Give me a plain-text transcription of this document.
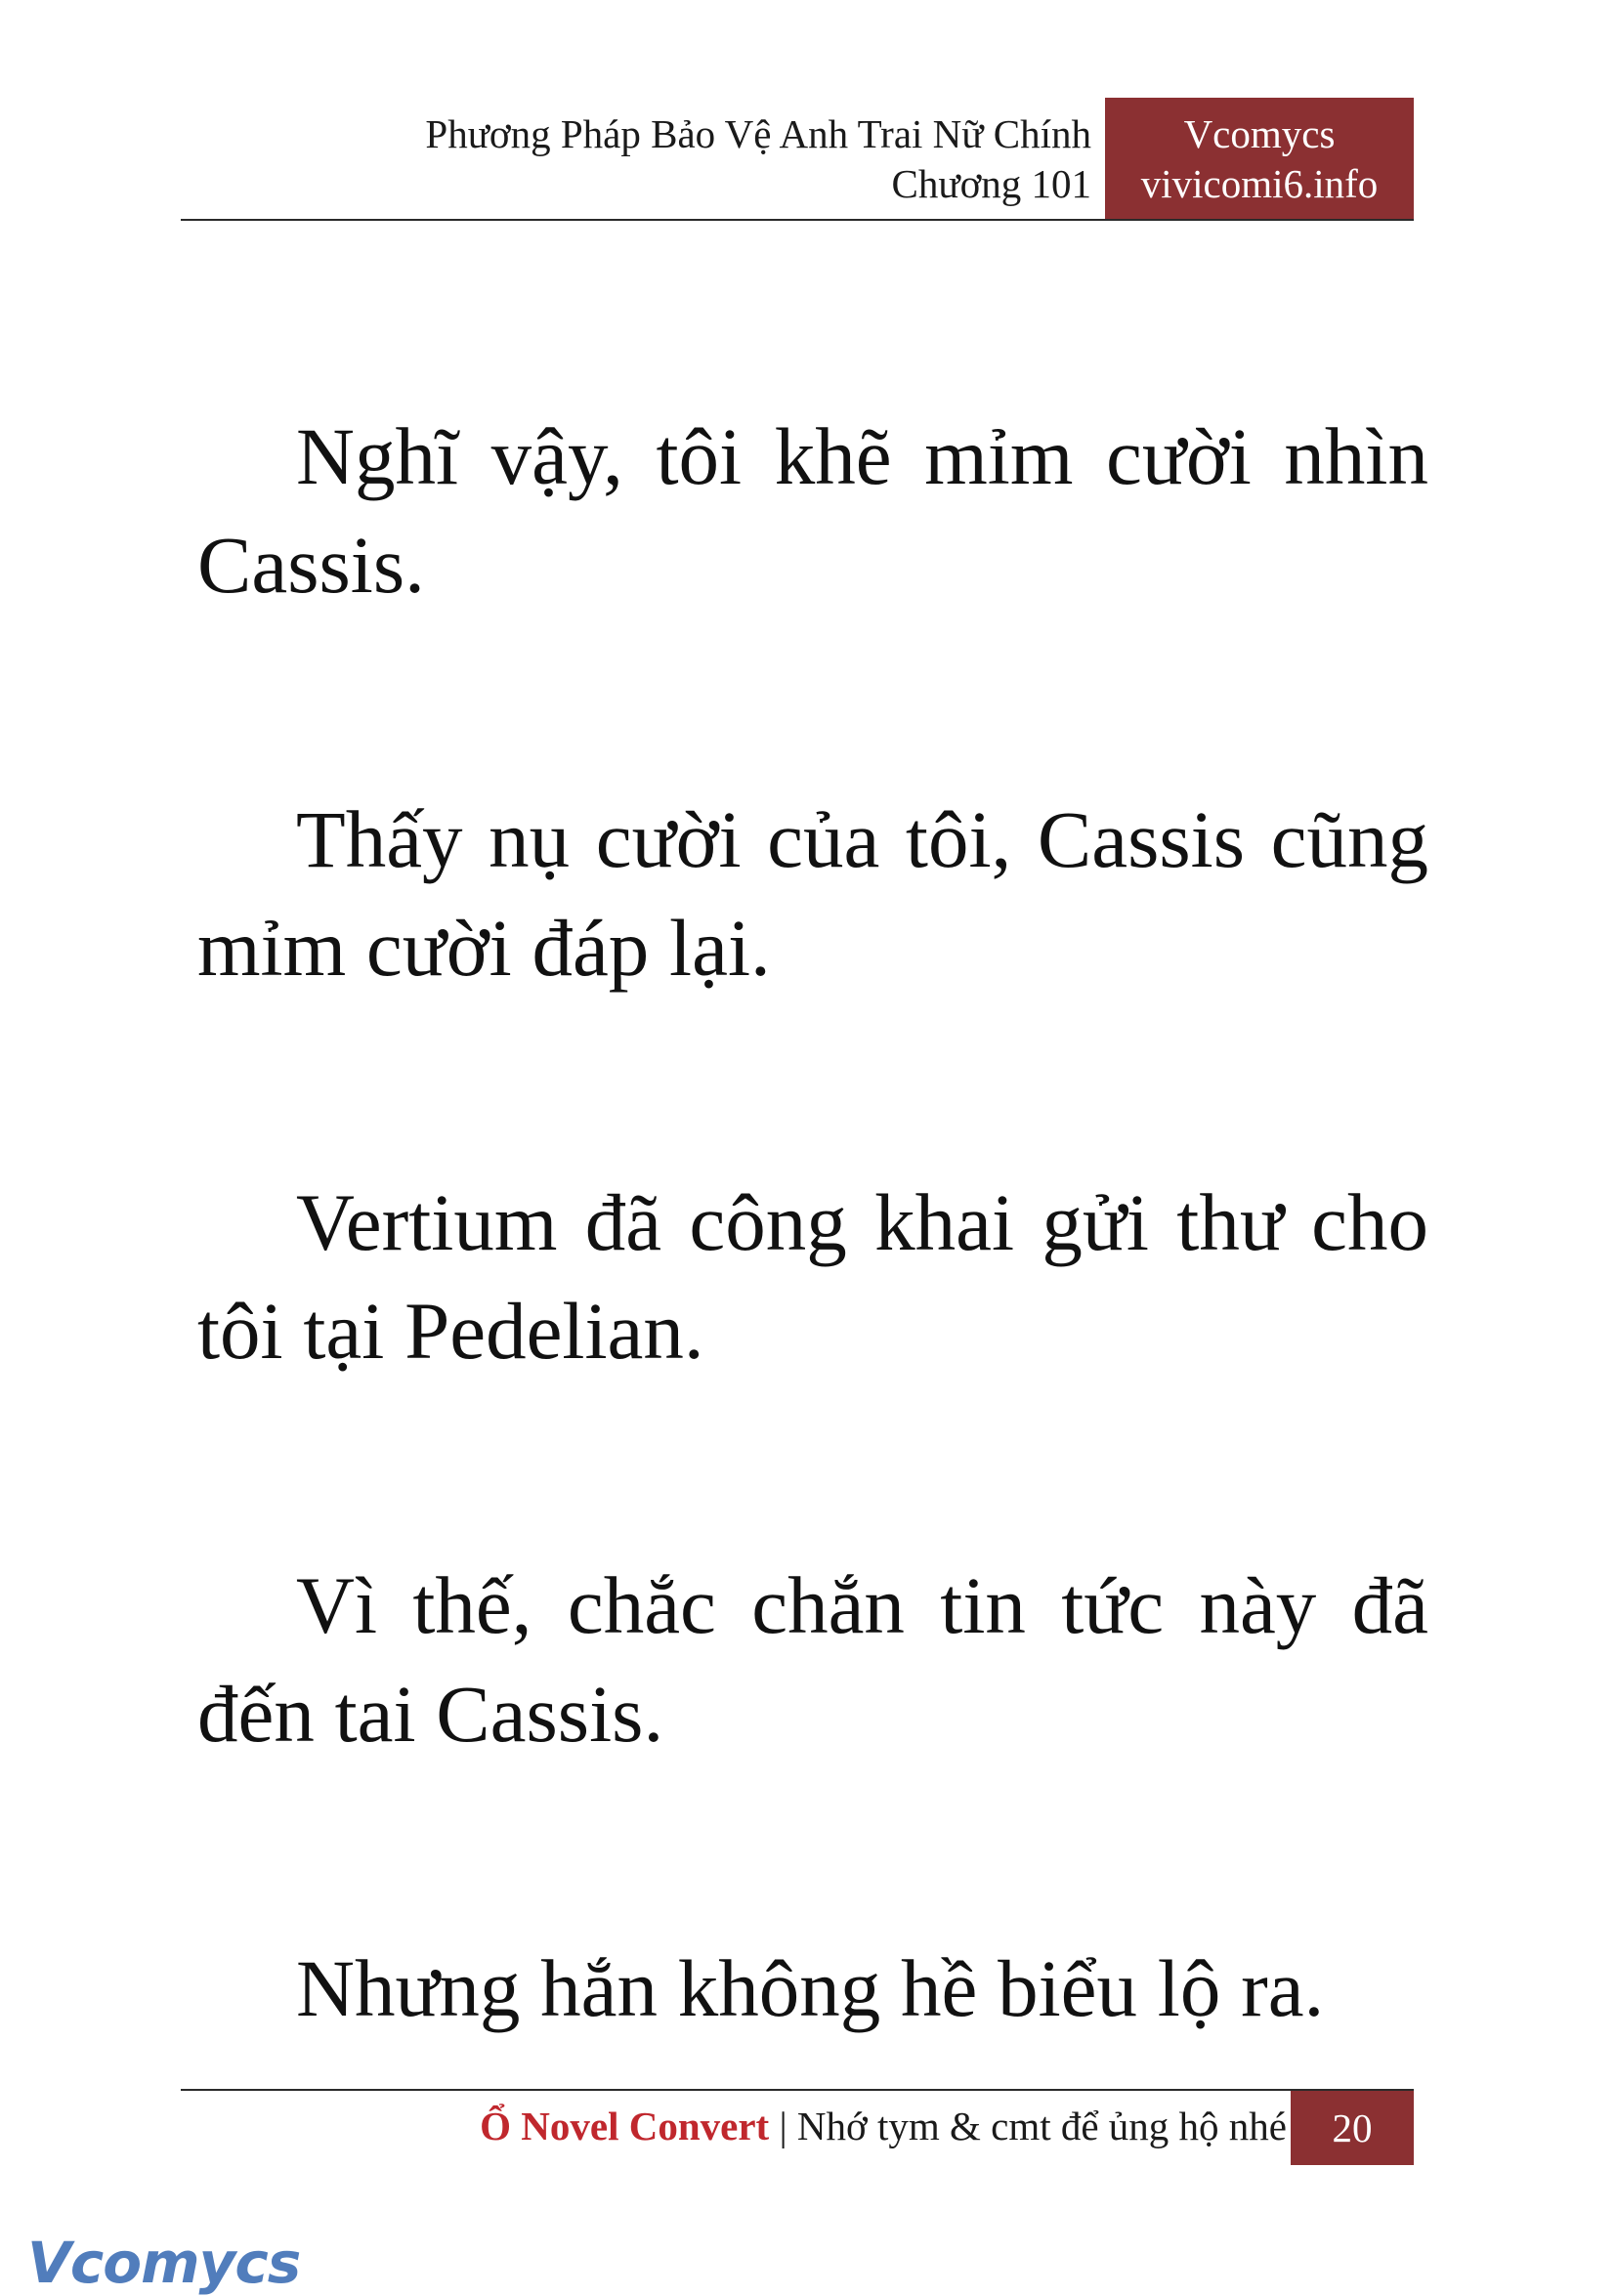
Phương Pháp Bảo Vệ Anh Trai Nữ Chính
Chương 101
Vcomycs
vivicomi6.info

Nghĩ vậy, tôi khẽ mỉm cười nhìn Cassis.

Thấy nụ cười của tôi, Cassis cũng mỉm cười đáp lại.

Vertium đã công khai gửi thư cho tôi tại Pedelian.

Vì thế, chắc chắn tin tức này đã đến tai Cassis.

Nhưng hắn không hề biểu lộ ra.

Ổ Novel Convert | Nhớ tym & cmt để ủng hộ nhé	20
Vcomycs
